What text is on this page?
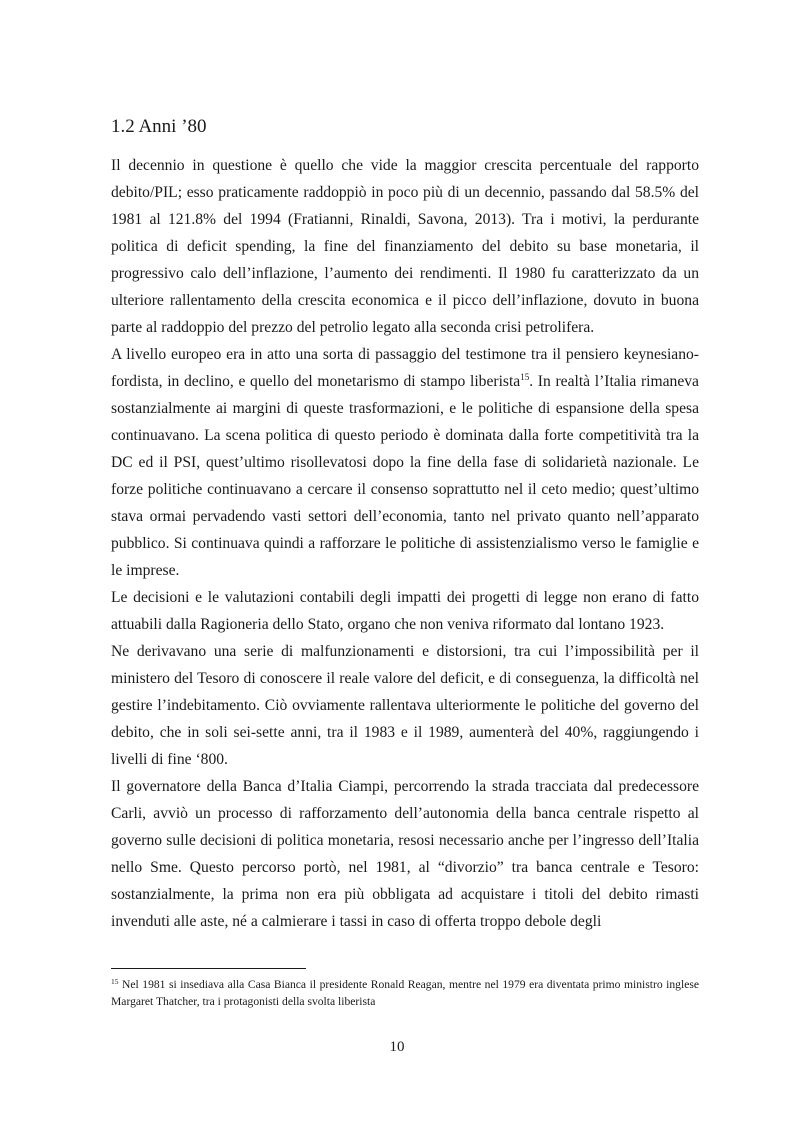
1.2 Anni ’80

Il decennio in questione è quello che vide la maggior crescita percentuale del rapporto debito/PIL; esso praticamente raddoppiò in poco più di un decennio, passando dal 58.5% del 1981 al 121.8% del 1994 (Fratianni, Rinaldi, Savona, 2013). Tra i motivi, la perdurante politica di deficit spending, la fine del finanziamento del debito su base monetaria, il progressivo calo dell’inflazione, l’aumento dei rendimenti. Il 1980 fu caratterizzato da un ulteriore rallentamento della crescita economica e il picco dell’inflazione, dovuto in buona parte al raddoppio del prezzo del petrolio legato alla seconda crisi petrolifera.

A livello europeo era in atto una sorta di passaggio del testimone tra il pensiero keynesiano-fordista, in declino, e quello del monetarismo di stampo liberista$^{15}$. In realtà l’Italia rimaneva sostanzialmente ai margini di queste trasformazioni, e le politiche di espansione della spesa continuavano. La scena politica di questo periodo è dominata dalla forte competitività tra la DC ed il PSI, quest’ultimo risollevatosi dopo la fine della fase di solidarietà nazionale. Le forze politiche continuavano a cercare il consenso soprattutto nel il ceto medio; quest’ultimo stava ormai pervadendo vasti settori dell’economia, tanto nel privato quanto nell’apparato pubblico. Si continuava quindi a rafforzare le politiche di assistenzialismo verso le famiglie e le imprese.

Le decisioni e le valutazioni contabili degli impatti dei progetti di legge non erano di fatto attuabili dalla Ragioneria dello Stato, organo che non veniva riformato dal lontano 1923.

Ne derivavano una serie di malfunzionamenti e distorsioni, tra cui l’impossibilità per il ministero del Tesoro di conoscere il reale valore del deficit, e di conseguenza, la difficoltà nel gestire l’indebitamento. Ciò ovviamente rallentava ulteriormente le politiche del governo del debito, che in soli sei-sette anni, tra il 1983 e il 1989, aumenterà del 40%, raggiungendo i livelli di fine ‘800.

Il governatore della Banca d’Italia Ciampi, percorrendo la strada tracciata dal predecessore Carli, avviò un processo di rafforzamento dell’autonomia della banca centrale rispetto al governo sulle decisioni di politica monetaria, resosi necessario anche per l’ingresso dell’Italia nello Sme. Questo percorso portò, nel 1981, al “divorzio” tra banca centrale e Tesoro: sostanzialmente, la prima non era più obbligata ad acquistare i titoli del debito rimasti invenduti alle aste, né a calmierare i tassi in caso di offerta troppo debole degli

$^{15}$ Nel 1981 si insediava alla Casa Bianca il presidente Ronald Reagan, mentre nel 1979 era diventata primo ministro inglese Margaret Thatcher, tra i protagonisti della svolta liberista

10
